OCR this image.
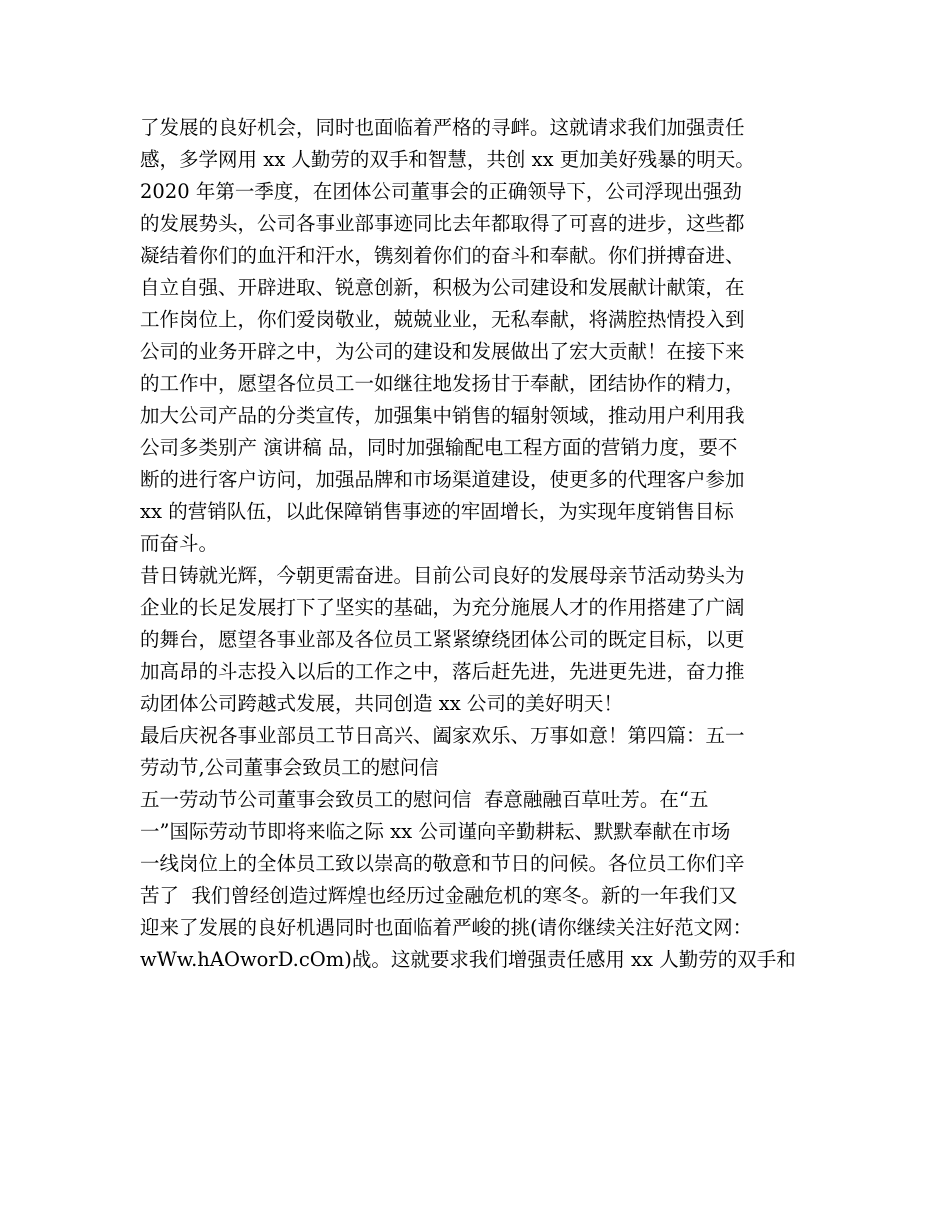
了发展的良好机会，同时也面临着严格的寻衅。这就请求我们加强责任
感，多学网用 xx 人勤劳的双手和智慧，共创 xx 更加美好残暴的明天。
2020 年第一季度，在团体公司董事会的正确领导下，公司浮现出强劲
的发展势头，公司各事业部事迹同比去年都取得了可喜的进步，这些都
凝结着你们的血汗和汗水，镌刻着你们的奋斗和奉献。你们拼搏奋进、
自立自强、开辟进取、锐意创新，积极为公司建设和发展献计献策，在
工作岗位上，你们爱岗敬业，兢兢业业，无私奉献，将满腔热情投入到
公司的业务开辟之中，为公司的建设和发展做出了宏大贡献！在接下来
的工作中，愿望各位员工一如继往地发扬甘于奉献，团结协作的精力，
加大公司产品的分类宣传，加强集中销售的辐射领域，推动用户利用我
公司多类别产 演讲稿 品，同时加强输配电工程方面的营销力度，要不
断的进行客户访问，加强品牌和市场渠道建设，使更多的代理客户参加
xx 的营销队伍，以此保障销售事迹的牢固增长，为实现年度销售目标
而奋斗。
昔日铸就光辉，今朝更需奋进。目前公司良好的发展母亲节活动势头为
企业的长足发展打下了坚实的基础，为充分施展人才的作用搭建了广阔
的舞台，愿望各事业部及各位员工紧紧缭绕团体公司的既定目标，以更
加高昂的斗志投入以后的工作之中，落后赶先进，先进更先进，奋力推
动团体公司跨越式发展，共同创造 xx 公司的美好明天！
最后庆祝各事业部员工节日高兴、阖家欢乐、万事如意！第四篇：五一
劳动节,公司董事会致员工的慰问信
五一劳动节公司董事会致员工的慰问信  春意融融百草吐芳。在“五
一”国际劳动节即将来临之际 xx 公司谨向辛勤耕耘、默默奉献在市场
一线岗位上的全体员工致以崇高的敬意和节日的问候。各位员工你们辛
苦了  我们曾经创造过辉煌也经历过金融危机的寒冬。新的一年我们又
迎来了发展的良好机遇同时也面临着严峻的挑(请你继续关注好范文网：
wWw.hAOworD.cOm)战。这就要求我们增强责任感用 xx 人勤劳的双手和
